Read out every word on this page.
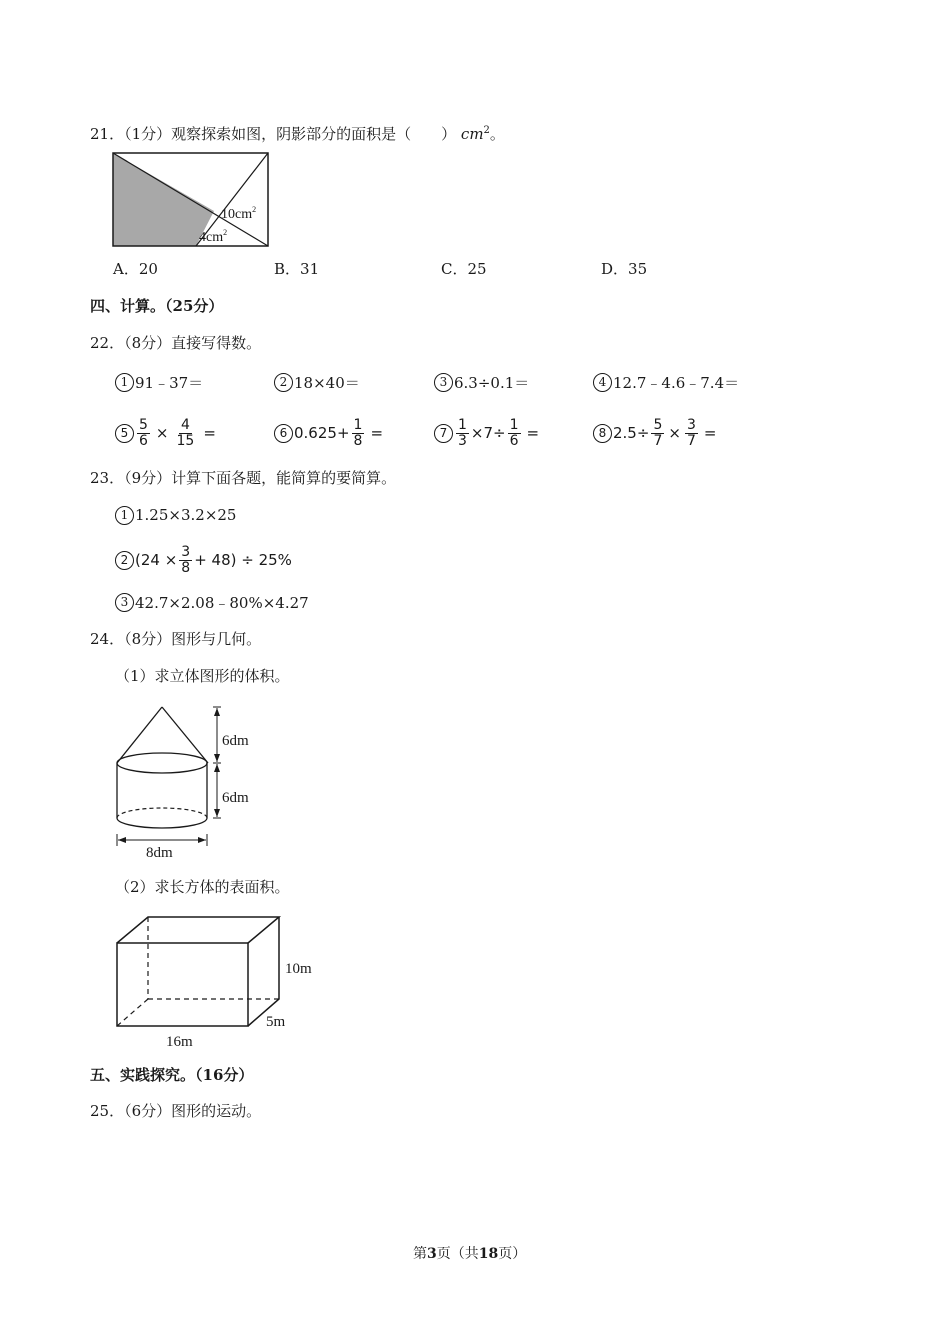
21．（1分）观察探索如图，阴影部分的面积是（　　） $cm^2$。
$10cm^2$
$4cm^2$
A．20	B．31	C．25	D．35
四、计算。（25分）
22．（8分）直接写得数。
1 91﹣37＝	2 18×40＝	3 6.3÷0.1＝	4 12.7﹣4.6﹣7.4＝
$5 \frac{5}{6} \times \frac{4}{15}$ =	6 $0.625+ \frac{1}{8}$ =	$7 \frac{1}{3} \times 7\div \frac{1}{6}$ =	8 $2.5\div \frac{5}{7} \times \frac{3}{7}$ =
23．（9分）计算下面各题，能简算的要简算。
1 1.25×3.2×25
2 $(24 \times \frac{3}{8} + 48) \div 25\%$
3 42.7×2.08﹣80%×4.27
24．（8分）图形与几何。
（1）求立体图形的体积。
6dm
6dm
8dm
（2）求长方体的表面积。
10m
5m
16m
五、实践探究。（16分）
25．（6分）图形的运动。
第3页（共18页）
